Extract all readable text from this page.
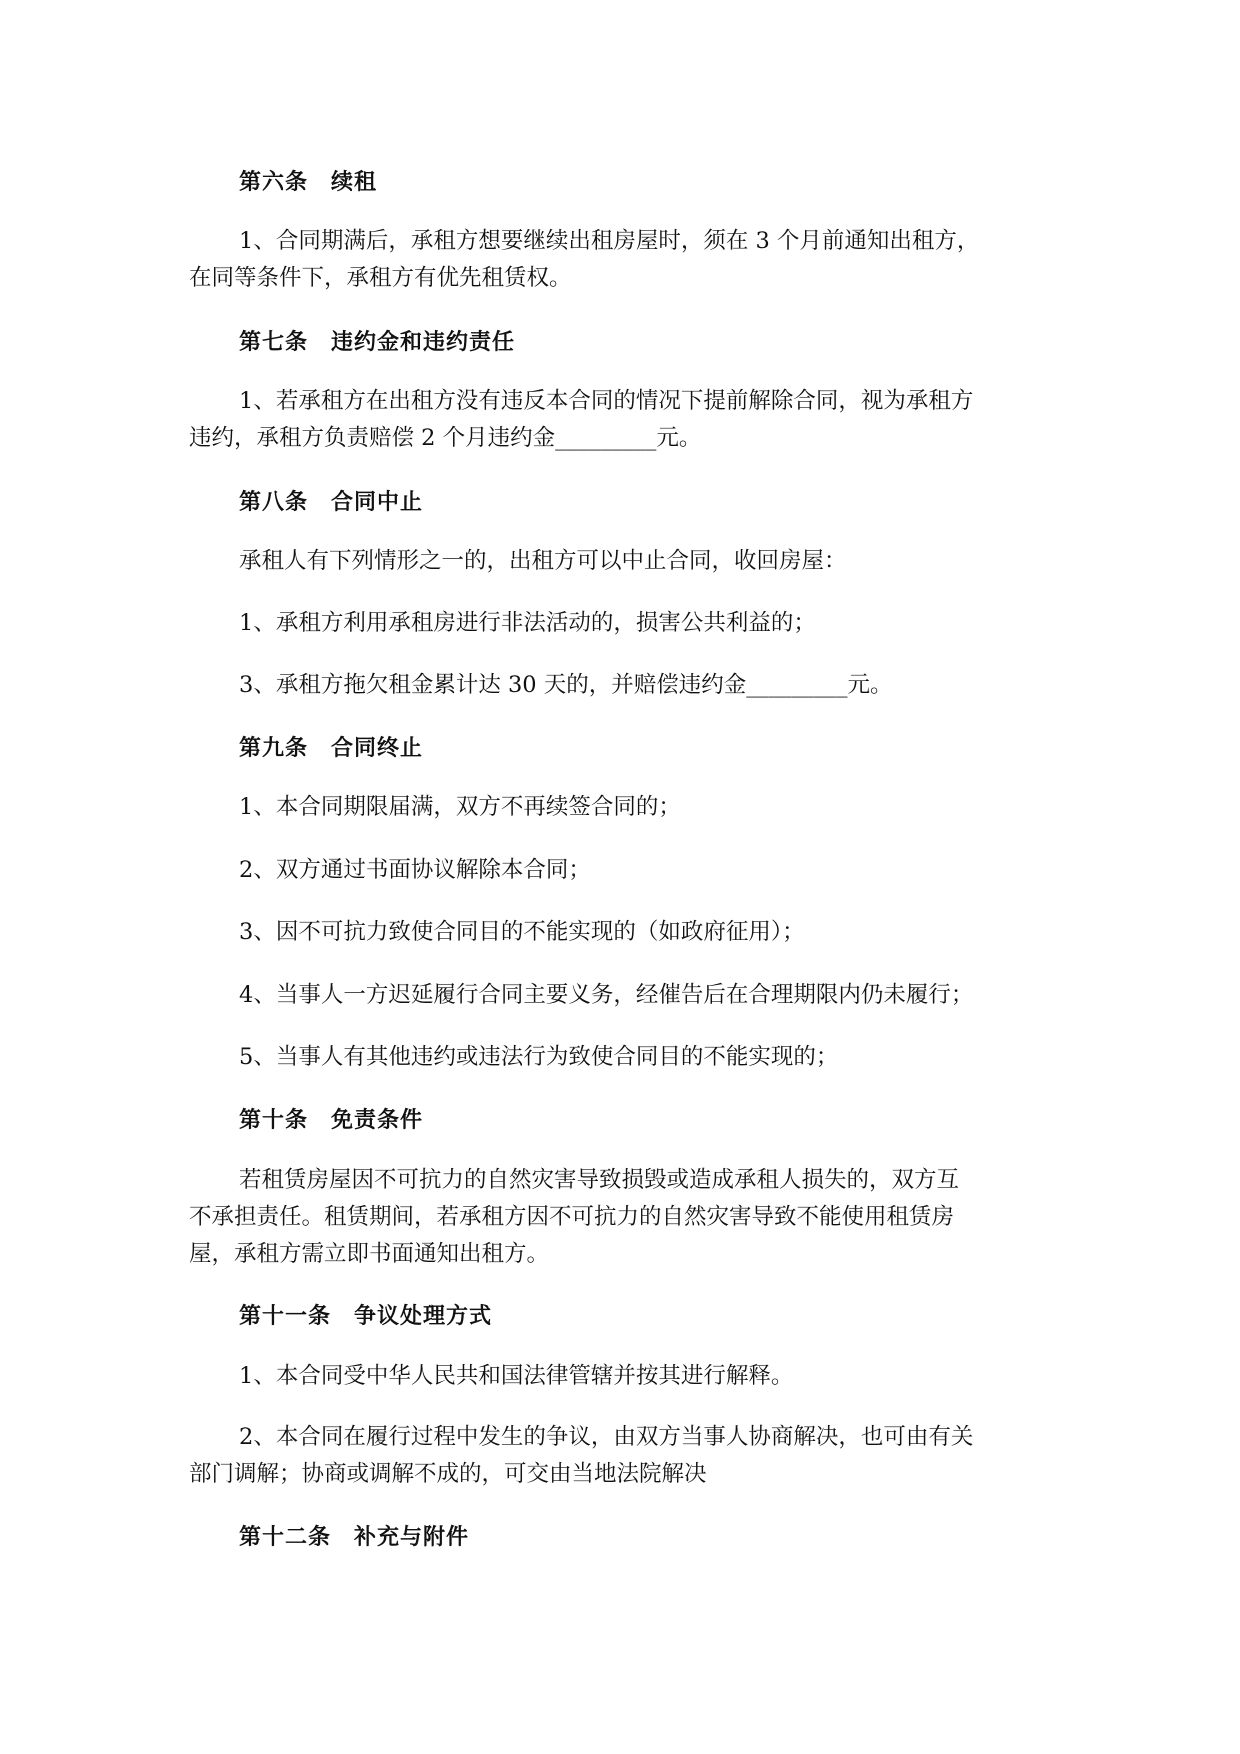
第六条　续租
1、合同期满后，承租方想要继续出租房屋时，须在 3 个月前通知出租方，
在同等条件下，承租方有优先租赁权。
第七条　违约金和违约责任
1、若承租方在出租方没有违反本合同的情况下提前解除合同，视为承租方
违约，承租方负责赔偿 2 个月违约金_________元。
第八条　合同中止
承租人有下列情形之一的，出租方可以中止合同，收回房屋：
1、承租方利用承租房进行非法活动的，损害公共利益的；
3、承租方拖欠租金累计达 30 天的，并赔偿违约金_________元。
第九条　合同终止
1、本合同期限届满，双方不再续签合同的；
2、双方通过书面协议解除本合同；
3、因不可抗力致使合同目的不能实现的（如政府征用）；
4、当事人一方迟延履行合同主要义务，经催告后在合理期限内仍未履行；
5、当事人有其他违约或违法行为致使合同目的不能实现的；
第十条　免责条件
若租赁房屋因不可抗力的自然灾害导致损毁或造成承租人损失的，双方互
不承担责任。租赁期间，若承租方因不可抗力的自然灾害导致不能使用租赁房
屋，承租方需立即书面通知出租方。
第十一条　争议处理方式
1、本合同受中华人民共和国法律管辖并按其进行解释。
2、本合同在履行过程中发生的争议，由双方当事人协商解决，也可由有关
部门调解；协商或调解不成的，可交由当地法院解决
第十二条　补充与附件
